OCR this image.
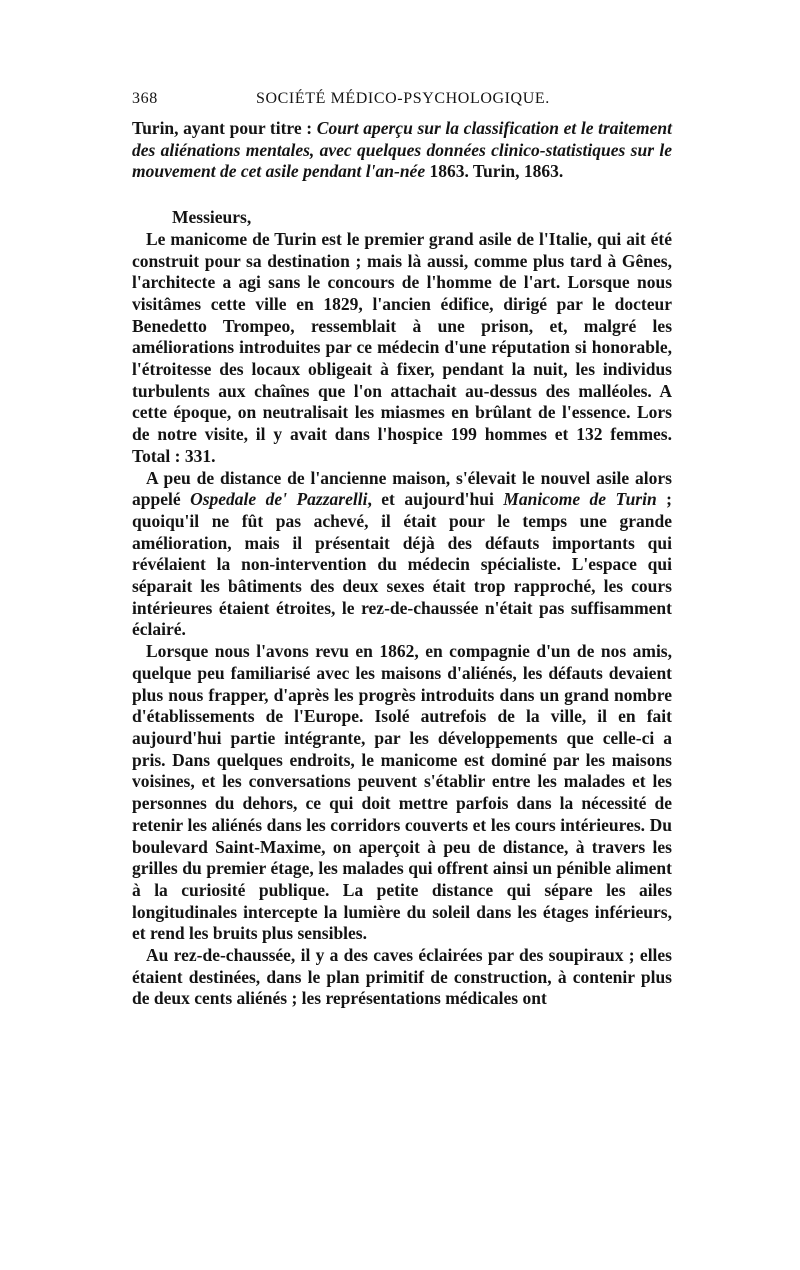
368	SOCIÉTÉ MÉDICO-PSYCHOLOGIQUE.

Turin, ayant pour titre : Court aperçu sur la classification et le traitement des aliénations mentales, avec quelques données clinico-statistiques sur le mouvement de cet asile pendant l'an-née 1863. Turin, 1863.

Messieurs,

Le manicome de Turin est le premier grand asile de l'Italie, qui ait été construit pour sa destination ; mais là aussi, comme plus tard à Gênes, l'architecte a agi sans le concours de l'homme de l'art. Lorsque nous visitâmes cette ville en 1829, l'ancien édifice, dirigé par le docteur Benedetto Trompeo, ressemblait à une prison, et, malgré les améliorations introduites par ce médecin d'une réputation si honorable, l'étroitesse des locaux obligeait à fixer, pendant la nuit, les individus turbulents aux chaînes que l'on attachait au-dessus des malléoles. A cette époque, on neutralisait les miasmes en brûlant de l'essence. Lors de notre visite, il y avait dans l'hospice 199 hommes et 132 femmes. Total : 331.

A peu de distance de l'ancienne maison, s'élevait le nouvel asile alors appelé Ospedale de' Pazzarelli, et aujourd'hui Manicome de Turin ; quoiqu'il ne fût pas achevé, il était pour le temps une grande amélioration, mais il présentait déjà des défauts importants qui révélaient la non-intervention du médecin spécialiste. L'espace qui séparait les bâtiments des deux sexes était trop rapproché, les cours intérieures étaient étroites, le rez-de-chaussée n'était pas suffisamment éclairé.

Lorsque nous l'avons revu en 1862, en compagnie d'un de nos amis, quelque peu familiarisé avec les maisons d'aliénés, les défauts devaient plus nous frapper, d'après les progrès introduits dans un grand nombre d'établissements de l'Europe. Isolé autrefois de la ville, il en fait aujourd'hui partie intégrante, par les développements que celle-ci a pris. Dans quelques endroits, le manicome est dominé par les maisons voisines, et les conversations peuvent s'établir entre les malades et les personnes du dehors, ce qui doit mettre parfois dans la nécessité de retenir les aliénés dans les corridors couverts et les cours intérieures. Du boulevard Saint-Maxime, on aperçoit à peu de distance, à travers les grilles du premier étage, les malades qui offrent ainsi un pénible aliment à la curiosité publique. La petite distance qui sépare les ailes longitudinales intercepte la lumière du soleil dans les étages inférieurs, et rend les bruits plus sensibles.

Au rez-de-chaussée, il y a des caves éclairées par des soupiraux ; elles étaient destinées, dans le plan primitif de construction, à contenir plus de deux cents aliénés ; les représentations médicales ont
